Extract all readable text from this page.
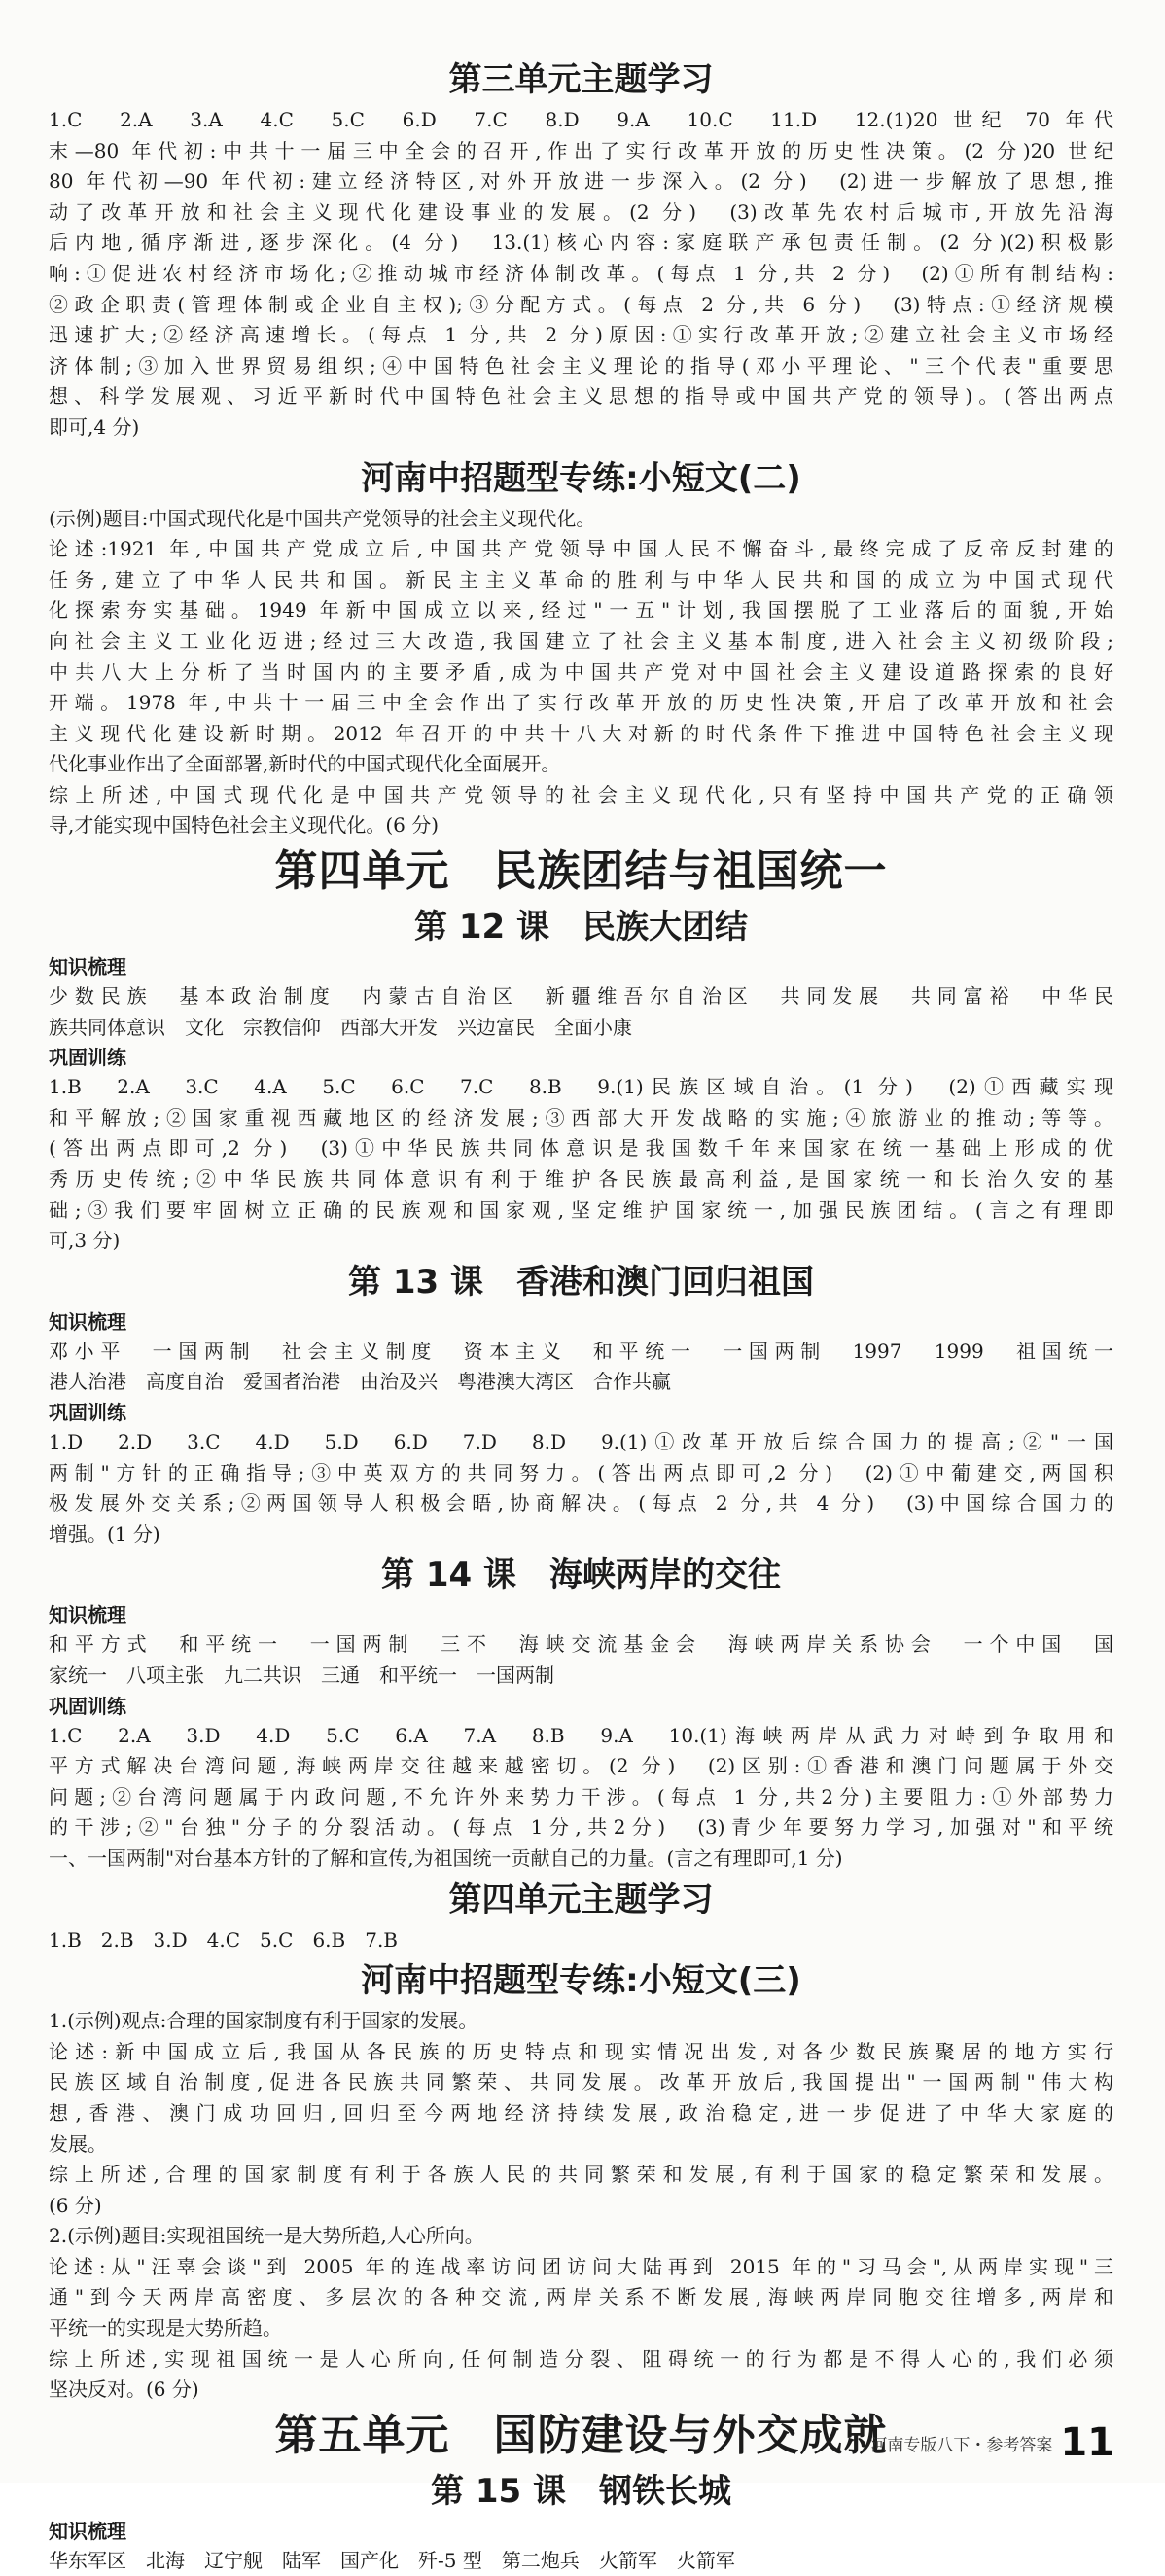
第三单元主题学习
1.C　2.A　3.A　4.C　5.C　6.D　7.C　8.D　9.A　10.C　11.D　12.(1)20 世纪 70 年代
末—80 年代初:中共十一届三中全会的召开,作出了实行改革开放的历史性决策。(2 分)20 世纪
80 年代初—90 年代初:建立经济特区,对外开放进一步深入。(2 分)　(2)进一步解放了思想,推
动了改革开放和社会主义现代化建设事业的发展。(2 分)　(3)改革先农村后城市,开放先沿海
后内地,循序渐进,逐步深化。(4 分)　13.(1)核心内容:家庭联产承包责任制。(2 分)(2)积极影
响:①促进农村经济市场化;②推动城市经济体制改革。(每点 1 分,共 2 分)　(2)①所有制结构:
②政企职责(管理体制或企业自主权);③分配方式。(每点 2 分,共 6 分)　(3)特点:①经济规模
迅速扩大;②经济高速增长。(每点 1 分,共 2 分)原因:①实行改革开放;②建立社会主义市场经
济体制;③加入世界贸易组织;④中国特色社会主义理论的指导(邓小平理论、"三个代表"重要思
想、科学发展观、习近平新时代中国特色社会主义思想的指导或中国共产党的领导)。(答出两点
即可,4 分)
河南中招题型专练:小短文(二)
(示例)题目:中国式现代化是中国共产党领导的社会主义现代化。
论述:1921 年,中国共产党成立后,中国共产党领导中国人民不懈奋斗,最终完成了反帝反封建的
任务,建立了中华人民共和国。新民主主义革命的胜利与中华人民共和国的成立为中国式现代
化探索夯实基础。1949 年新中国成立以来,经过"一五"计划,我国摆脱了工业落后的面貌,开始
向社会主义工业化迈进;经过三大改造,我国建立了社会主义基本制度,进入社会主义初级阶段;
中共八大上分析了当时国内的主要矛盾,成为中国共产党对中国社会主义建设道路探索的良好
开端。1978 年,中共十一届三中全会作出了实行改革开放的历史性决策,开启了改革开放和社会
主义现代化建设新时期。2012 年召开的中共十八大对新的时代条件下推进中国特色社会主义现
代化事业作出了全面部署,新时代的中国式现代化全面展开。
综上所述,中国式现代化是中国共产党领导的社会主义现代化,只有坚持中国共产党的正确领
导,才能实现中国特色社会主义现代化。(6 分)
第四单元　民族团结与祖国统一
第 12 课　民族大团结
知识梳理
少数民族　基本政治制度　内蒙古自治区　新疆维吾尔自治区　共同发展　共同富裕　中华民
族共同体意识　文化　宗教信仰　西部大开发　兴边富民　全面小康
巩固训练
1.B　2.A　3.C　4.A　5.C　6.C　7.C　8.B　9.(1)民族区域自治。(1 分)　(2)①西藏实现
和平解放;②国家重视西藏地区的经济发展;③西部大开发战略的实施;④旅游业的推动;等等。
(答出两点即可,2 分)　(3)①中华民族共同体意识是我国数千年来国家在统一基础上形成的优
秀历史传统;②中华民族共同体意识有利于维护各民族最高利益,是国家统一和长治久安的基
础;③我们要牢固树立正确的民族观和国家观,坚定维护国家统一,加强民族团结。(言之有理即
可,3 分)
第 13 课　香港和澳门回归祖国
知识梳理
邓小平　一国两制　社会主义制度　资本主义　和平统一　一国两制　1997　1999　祖国统一
港人治港　高度自治　爱国者治港　由治及兴　粤港澳大湾区　合作共赢
巩固训练
1.D　2.D　3.C　4.D　5.D　6.D　7.D　8.D　9.(1)①改革开放后综合国力的提高;②"一国
两制"方针的正确指导;③中英双方的共同努力。(答出两点即可,2 分)　(2)①中葡建交,两国积
极发展外交关系;②两国领导人积极会晤,协商解决。(每点 2 分,共 4 分)　(3)中国综合国力的
增强。(1 分)
第 14 课　海峡两岸的交往
知识梳理
和平方式　和平统一　一国两制　三不　海峡交流基金会　海峡两岸关系协会　一个中国　国
家统一　八项主张　九二共识　三通　和平统一　一国两制
巩固训练
1.C　2.A　3.D　4.D　5.C　6.A　7.A　8.B　9.A　10.(1)海峡两岸从武力对峙到争取用和
平方式解决台湾问题,海峡两岸交往越来越密切。(2 分)　(2)区别:①香港和澳门问题属于外交
问题;②台湾问题属于内政问题,不允许外来势力干涉。(每点 1 分,共2分)主要阻力:①外部势力
的干涉;②"台独"分子的分裂活动。(每点 1分,共2分)　(3)青少年要努力学习,加强对"和平统
一、一国两制"对台基本方针的了解和宣传,为祖国统一贡献自己的力量。(言之有理即可,1 分)
第四单元主题学习
1.B　2.B　3.D　4.C　5.C　6.B　7.B
河南中招题型专练:小短文(三)
1.(示例)观点:合理的国家制度有利于国家的发展。
论述:新中国成立后,我国从各民族的历史特点和现实情况出发,对各少数民族聚居的地方实行
民族区域自治制度,促进各民族共同繁荣、共同发展。改革开放后,我国提出"一国两制"伟大构
想,香港、澳门成功回归,回归至今两地经济持续发展,政治稳定,进一步促进了中华大家庭的
发展。
综上所述,合理的国家制度有利于各族人民的共同繁荣和发展,有利于国家的稳定繁荣和发展。
(6 分)
2.(示例)题目:实现祖国统一是大势所趋,人心所向。
论述:从"汪辜会谈"到 2005 年的连战率访问团访问大陆再到 2015 年的"习马会",从两岸实现"三
通"到今天两岸高密度、多层次的各种交流,两岸关系不断发展,海峡两岸同胞交往增多,两岸和
平统一的实现是大势所趋。
综上所述,实现祖国统一是人心所向,任何制造分裂、阻碍统一的行为都是不得人心的,我们必须
坚决反对。(6 分)
第五单元　国防建设与外交成就
第 15 课　钢铁长城
知识梳理
华东军区　北海　辽宁舰　陆军　国产化　歼-5 型　第二炮兵　火箭军　火箭军
河南专版八下・参考答案 11
